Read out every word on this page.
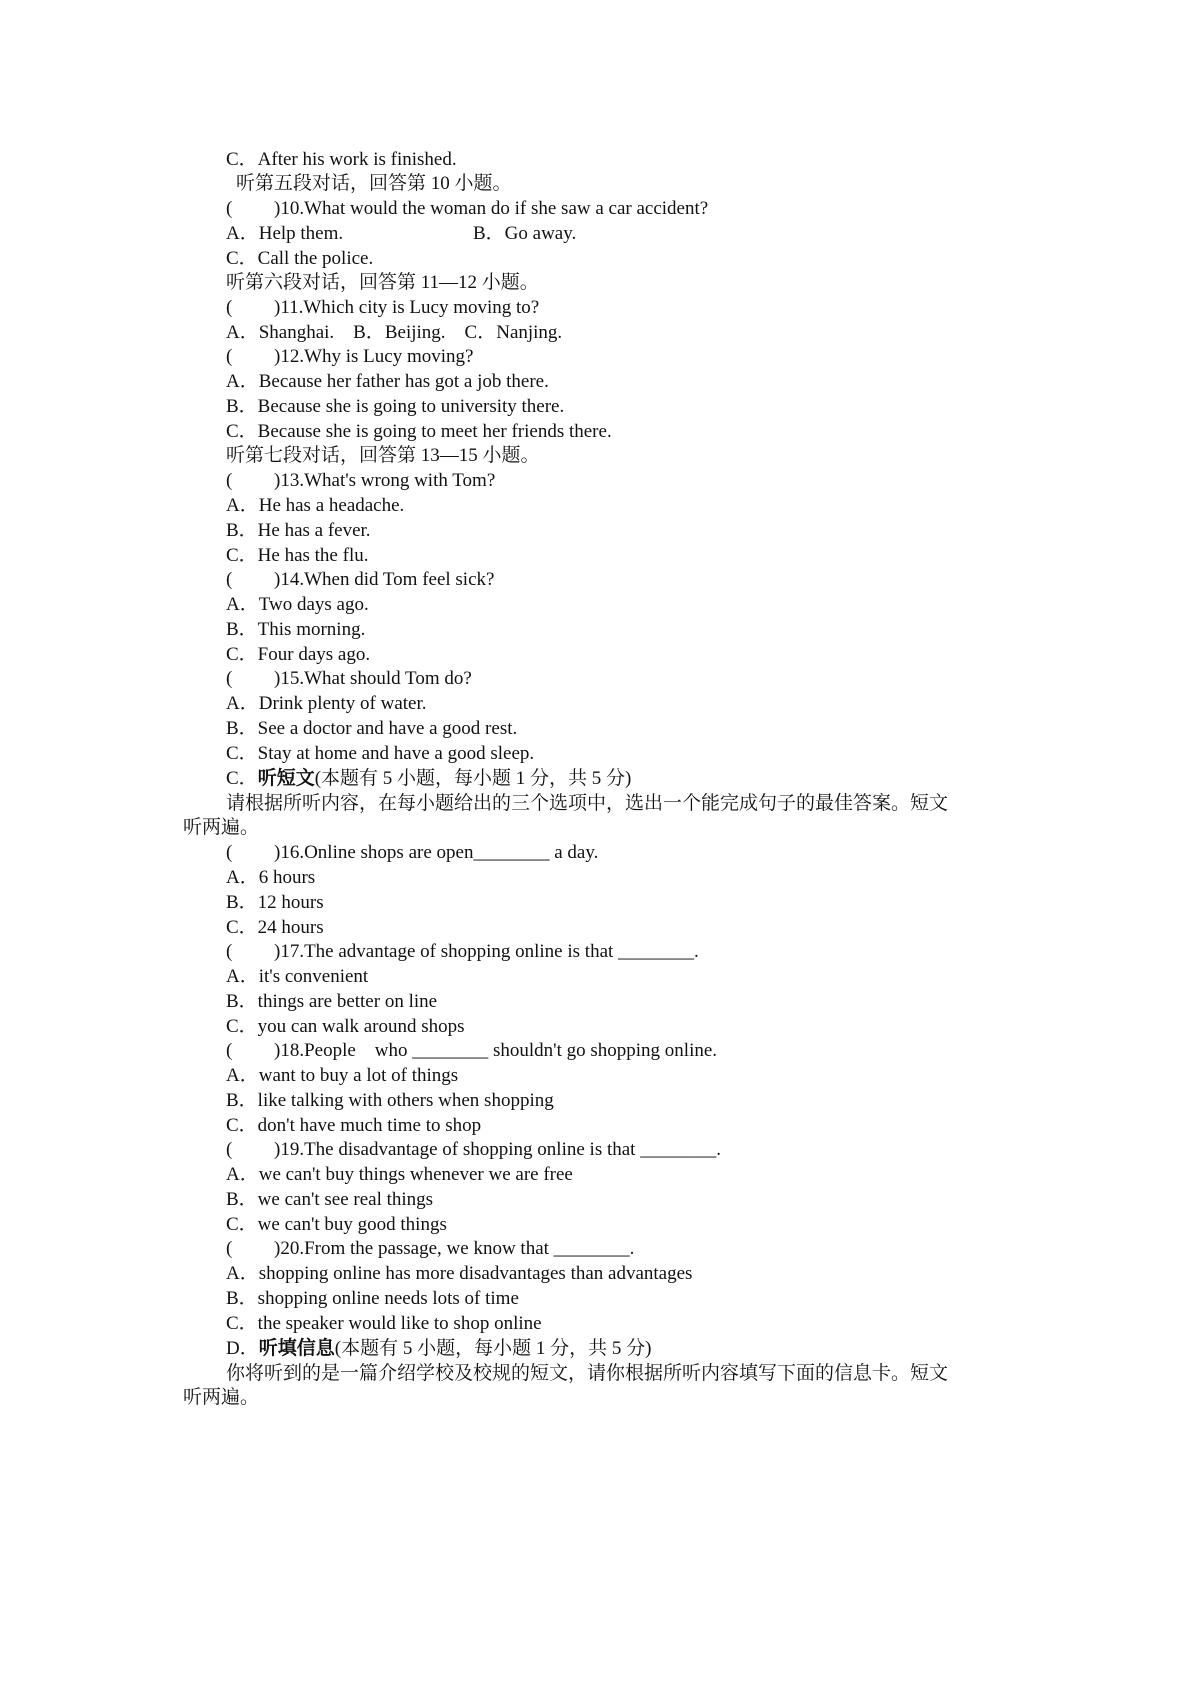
C．After his work is finished.
听第五段对话，回答第 10 小题。
( )10.What would the woman do if she saw a car accident?
A．Help them.	B．Go away.
C．Call the police.
听第六段对话，回答第 11—12 小题。
( )11.Which city is Lucy moving to?
A．Shanghai.　B．Beijing.　C．Nanjing.
( )12.Why is Lucy moving?
A．Because her father has got a job there.
B．Because she is going to university there.
C．Because she is going to meet her friends there.
听第七段对话，回答第 13—15 小题。
( )13.What's wrong with Tom?
A．He has a headache.
B．He has a fever.
C．He has the flu.
( )14.When did Tom feel sick?
A．Two days ago.
B．This morning.
C．Four days ago.
( )15.What should Tom do?
A．Drink plenty of water.
B．See a doctor and have a good rest.
C．Stay at home and have a good sleep.
C．听短文(本题有 5 小题，每小题 1 分，共 5 分)
请根据所听内容，在每小题给出的三个选项中，选出一个能完成句子的最佳答案。短文
听两遍。
( )16.Online shops are open________ a day.
A．6 hours
B．12 hours
C．24 hours
( )17.The advantage of shopping online is that ________.
A．it's convenient
B．things are better on line
C．you can walk around shops
( )18.People　who ________ shouldn't go shopping online.
A．want to buy a lot of things
B．like talking with others when shopping
C．don't have much time to shop
( )19.The disadvantage of shopping online is that ________.
A．we can't buy things whenever we are free
B．we can't see real things
C．we can't buy good things
( )20.From the passage, we know that ________.
A．shopping online has more disadvantages than advantages
B．shopping online needs lots of time
C．the speaker would like to shop online
D．听填信息(本题有 5 小题，每小题 1 分，共 5 分)
你将听到的是一篇介绍学校及校规的短文，请你根据所听内容填写下面的信息卡。短文
听两遍。
